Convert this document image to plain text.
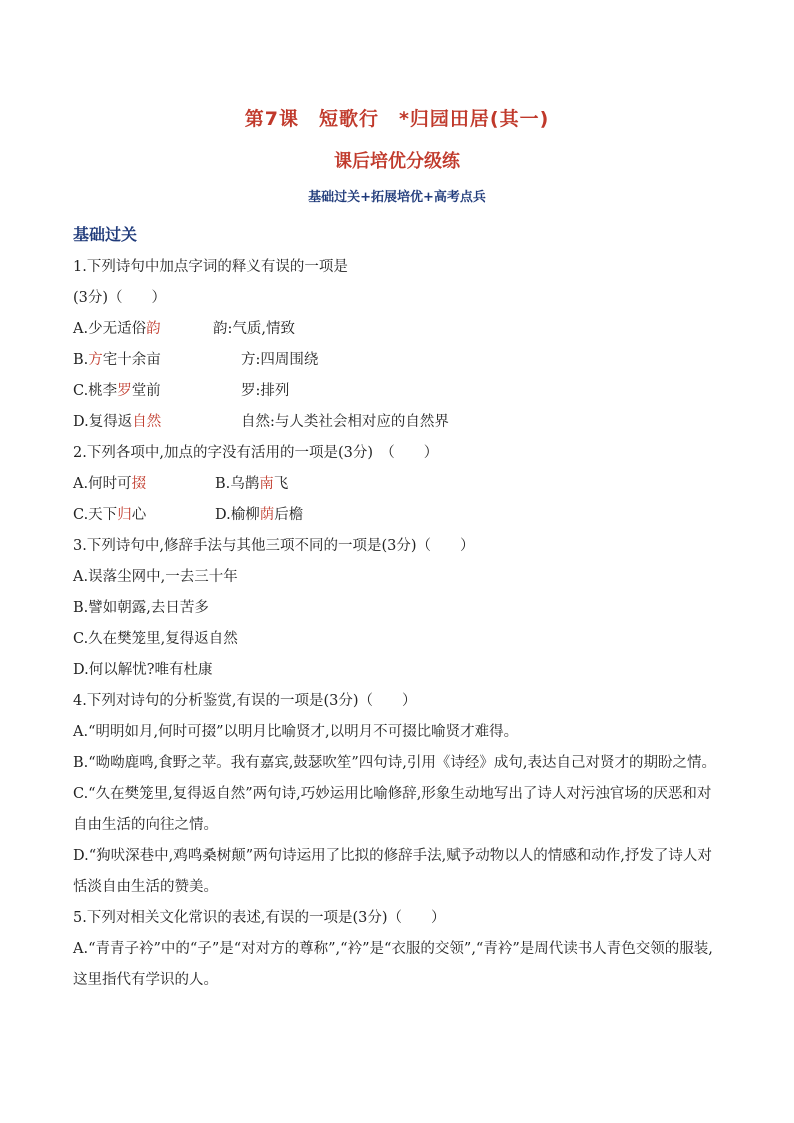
第7课　短歌行　*归园田居(其一)
课后培优分级练
基础过关+拓展培优+高考点兵
基础过关
1.下列诗句中加点字词的释义有误的一项是
(3分)（　　）
A.少无适俗韵	韵:气质,情致
B.方宅十余亩	方:四周围绕
C.桃李罗堂前	罗:排列
D.复得返自然	自然:与人类社会相对应的自然界
2.下列各项中,加点的字没有活用的一项是(3分)　（　　）
A.何时可掇	B.乌鹊南飞
C.天下归心	D.榆柳荫后檐
3.下列诗句中,修辞手法与其他三项不同的一项是(3分)（　　）
A.误落尘网中,一去三十年
B.譬如朝露,去日苦多
C.久在樊笼里,复得返自然
D.何以解忧?唯有杜康
4.下列对诗句的分析鉴赏,有误的一项是(3分)（　　）
A.“明明如月,何时可掇”以明月比喻贤才,以明月不可掇比喻贤才难得。
B.“呦呦鹿鸣,食野之苹。我有嘉宾,鼓瑟吹笙”四句诗,引用《诗经》成句,表达自己对贤才的期盼之情。
C.“久在樊笼里,复得返自然”两句诗,巧妙运用比喻修辞,形象生动地写出了诗人对污浊官场的厌恶和对自由生活的向往之情。
D.“狗吠深巷中,鸡鸣桑树颠”两句诗运用了比拟的修辞手法,赋予动物以人的情感和动作,抒发了诗人对恬淡自由生活的赞美。
5.下列对相关文化常识的表述,有误的一项是(3分)（　　）
A.“青青子衿”中的“子”是“对对方的尊称”,“衿”是“衣服的交领”,“青衿”是周代读书人青色交领的服装,这里指代有学识的人。
